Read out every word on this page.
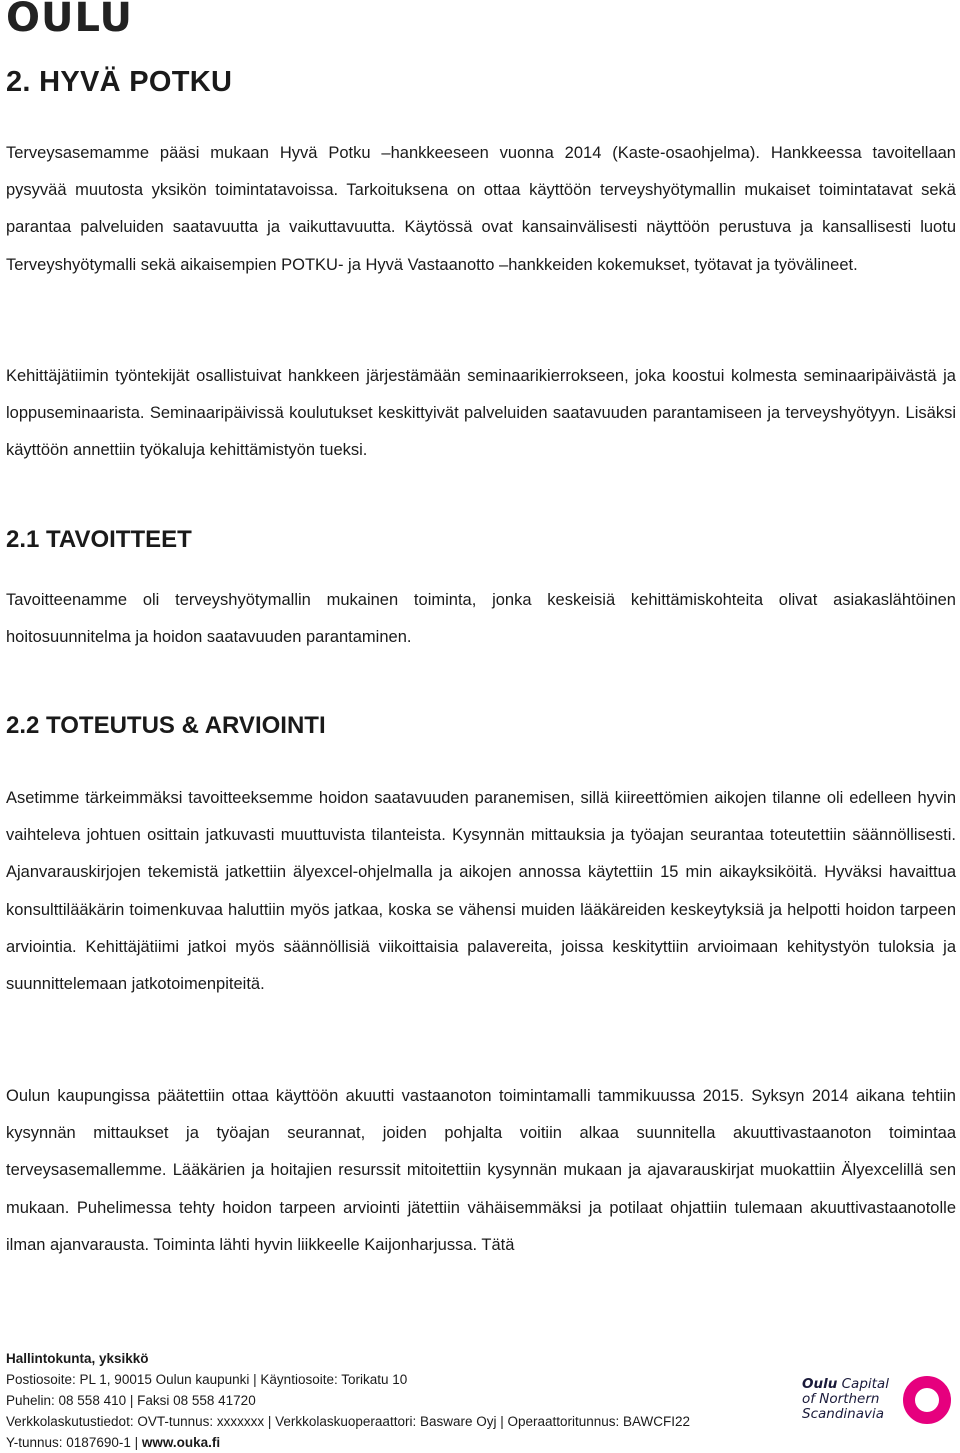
OULU
2. HYVÄ POTKU

Terveysasemamme pääsi mukaan Hyvä Potku –hankkeeseen vuonna 2014 (Kaste-osaohjelma). Hankkeessa tavoitellaan pysyvää muutosta yksikön toimintatavoissa. Tarkoituksena on ottaa käyttöön terveyshyötymallin mukaiset toimintatavat sekä parantaa palveluiden saatavuutta ja vaikuttavuutta. Käytössä ovat kansainvälisesti näyttöön perustuva ja kansallisesti luotu Terveyshyötymalli sekä aikaisempien POTKU- ja Hyvä Vastaanotto –hankkeiden kokemukset, työtavat ja työvälineet.

Kehittäjätiimin työntekijät osallistuivat hankkeen järjestämään seminaarikierrokseen, joka koostui kolmesta seminaaripäivästä ja loppuseminaarista. Seminaaripäivissä koulutukset keskittyivät palveluiden saatavuuden parantamiseen ja terveyshyötyyn. Lisäksi käyttöön annettiin työkaluja kehittämistyön tueksi.

2.1 TAVOITTEET

Tavoitteenamme oli terveyshyötymallin mukainen toiminta, jonka keskeisiä kehittämiskohteita olivat asiakaslähtöinen hoitosuunnitelma ja hoidon saatavuuden parantaminen.

2.2 TOTEUTUS & ARVIOINTI

Asetimme tärkeimmäksi tavoitteeksemme hoidon saatavuuden paranemisen, sillä kiireettömien aikojen tilanne oli edelleen hyvin vaihteleva johtuen osittain jatkuvasti muuttuvista tilanteista. Kysynnän mittauksia ja työajan seurantaa toteutettiin säännöllisesti. Ajanvarauskirjojen tekemistä jatkettiin älyexcel-ohjelmalla ja aikojen annossa käytettiin 15 min aikayksiköitä. Hyväksi havaittua konsulttilääkärin toimenkuvaa haluttiin myös jatkaa, koska se vähensi muiden lääkäreiden keskeytyksiä ja helpotti hoidon tarpeen arviointia. Kehittäjätiimi jatkoi myös säännöllisiä viikoittaisia palavereita, joissa keskityttiin arvioimaan kehitystyön tuloksia ja suunnittelemaan jatkotoimenpiteitä.

Oulun kaupungissa päätettiin ottaa käyttöön akuutti vastaanoton toimintamalli tammikuussa 2015. Syksyn 2014 aikana tehtiin kysynnän mittaukset ja työajan seurannat, joiden pohjalta voitiin alkaa suunnitella akuuttivastaanoton toimintaa terveysasemallemme. Lääkärien ja hoitajien resurssit mitoitettiin kysynnän mukaan ja ajavarauskirjat muokattiin Älyexcelillä sen mukaan. Puhelimessa tehty hoidon tarpeen arviointi jätettiin vähäisemmäksi ja potilaat ohjattiin tulemaan akuuttivastaanotolle ilman ajanvarausta. Toiminta lähti hyvin liikkeelle Kaijonharjussa. Tätä

Hallintokunta, yksikkö
Postiosoite: PL 1, 90015 Oulun kaupunki | Käyntiosoite: Torikatu 10
Puhelin: 08 558 410 | Faksi 08 558 41720
Verkkolaskutustiedot: OVT-tunnus: xxxxxxx | Verkkolaskuoperaattori: Basware Oyj | Operaattoritunnus: BAWCFI22
Y-tunnus: 0187690-1 | www.ouka.fi
Oulu Capital
of Northern
Scandinavia
